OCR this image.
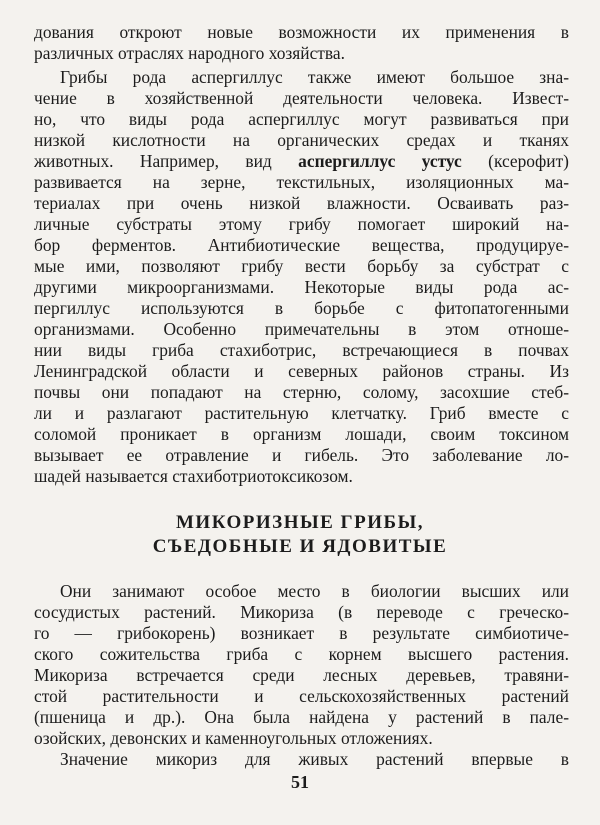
дования откроют новые возможности их применения в
различных отраслях народного хозяйства.
Грибы рода аспергиллус также имеют большое зна-
чение в хозяйственной деятельности человека. Извест-
но, что виды рода аспергиллус могут развиваться при
низкой кислотности на органических средах и тканях
животных. Например, вид аспергиллус устус (ксерофит)
развивается на зерне, текстильных, изоляционных ма-
териалах при очень низкой влажности. Осваивать раз-
личные субстраты этому грибу помогает широкий на-
бор ферментов. Антибиотические вещества, продуцируе-
мые ими, позволяют грибу вести борьбу за субстрат с
другими микроорганизмами. Некоторые виды рода ас-
пергиллус используются в борьбе с фитопатогенными
организмами. Особенно примечательны в этом отноше-
нии виды гриба стахиботрис, встречающиеся в почвах
Ленинградской области и северных районов страны. Из
почвы они попадают на стерню, солому, засохшие стеб-
ли и разлагают растительную клетчатку. Гриб вместе с
соломой проникает в организм лошади, своим токсином
вызывает ее отравление и гибель. Это заболевание ло-
шадей называется стахиботриотоксикозом.
МИКОРИЗНЫЕ ГРИБЫ,
СЪЕДОБНЫЕ И ЯДОВИТЫЕ
Они занимают особое место в биологии высших или
сосудистых растений. Микориза (в переводе с греческо-
го — грибокорень) возникает в результате симбиотиче-
ского сожительства гриба с корнем высшего растения.
Микориза встречается среди лесных деревьев, травяни-
стой растительности и сельскохозяйственных растений
(пшеница и др.). Она была найдена у растений в пале-
озойских, девонских и каменноугольных отложениях.
Значение микориз для живых растений впервые в
51
